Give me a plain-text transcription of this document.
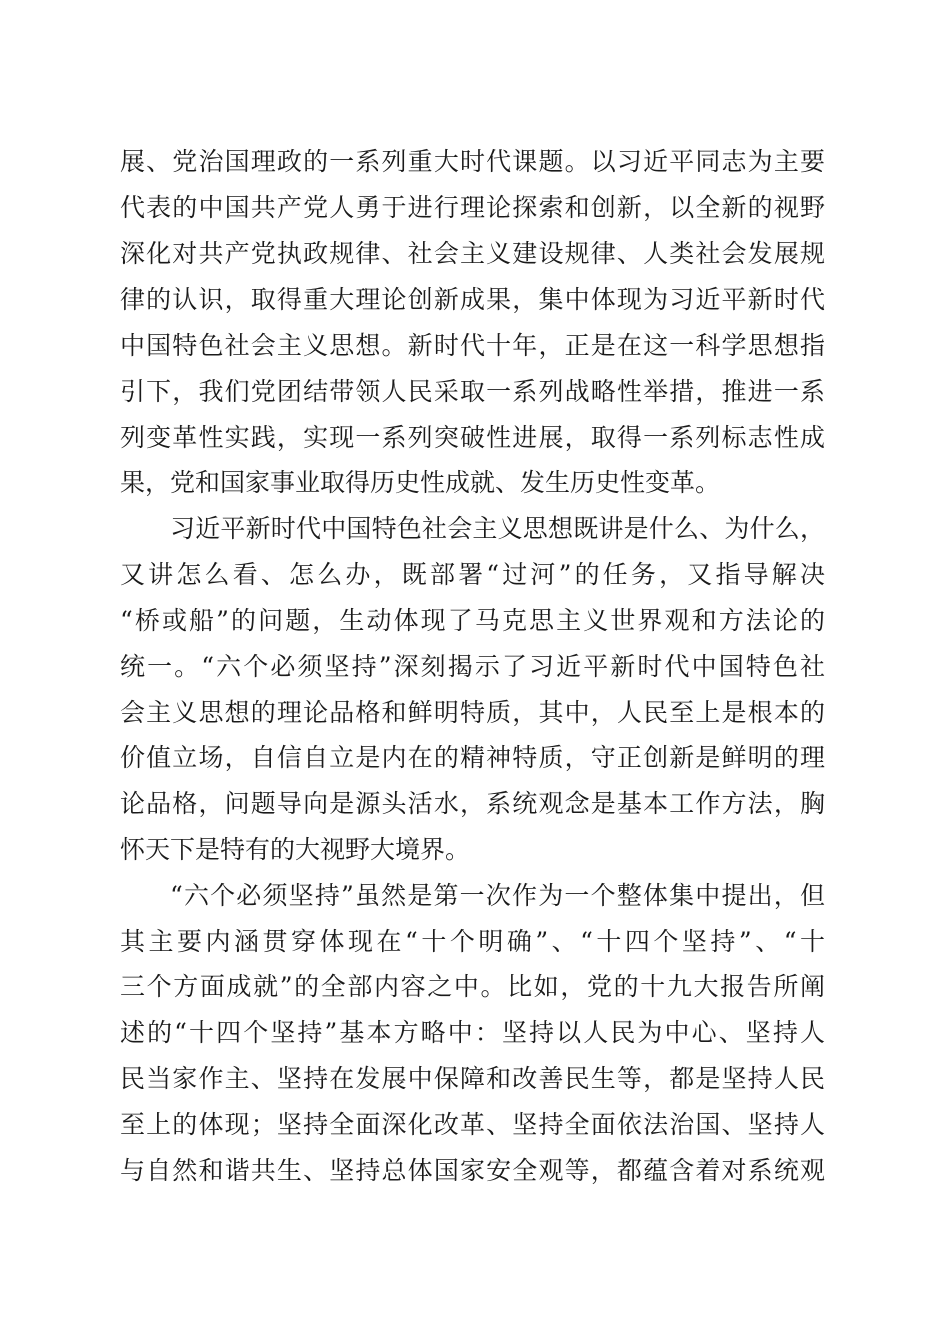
展、党治国理政的一系列重大时代课题。以习近平同志为主要
代表的中国共产党人勇于进行理论探索和创新，以全新的视野
深化对共产党执政规律、社会主义建设规律、人类社会发展规
律的认识，取得重大理论创新成果，集中体现为习近平新时代
中国特色社会主义思想。新时代十年，正是在这一科学思想指
引下，我们党团结带领人民采取一系列战略性举措，推进一系
列变革性实践，实现一系列突破性进展，取得一系列标志性成
果，党和国家事业取得历史性成就、发生历史性变革。
习近平新时代中国特色社会主义思想既讲是什么、为什么，
又讲怎么看、怎么办，既部署“过河”的任务，又指导解决
“桥或船”的问题，生动体现了马克思主义世界观和方法论的
统一。“六个必须坚持”深刻揭示了习近平新时代中国特色社
会主义思想的理论品格和鲜明特质，其中，人民至上是根本的
价值立场，自信自立是内在的精神特质，守正创新是鲜明的理
论品格，问题导向是源头活水，系统观念是基本工作方法，胸
怀天下是特有的大视野大境界。
“六个必须坚持”虽然是第一次作为一个整体集中提出，但
其主要内涵贯穿体现在“十个明确”、“十四个坚持”、“十
三个方面成就”的全部内容之中。比如，党的十九大报告所阐
述的“十四个坚持”基本方略中：坚持以人民为中心、坚持人
民当家作主、坚持在发展中保障和改善民生等，都是坚持人民
至上的体现；坚持全面深化改革、坚持全面依法治国、坚持人
与自然和谐共生、坚持总体国家安全观等，都蕴含着对系统观
